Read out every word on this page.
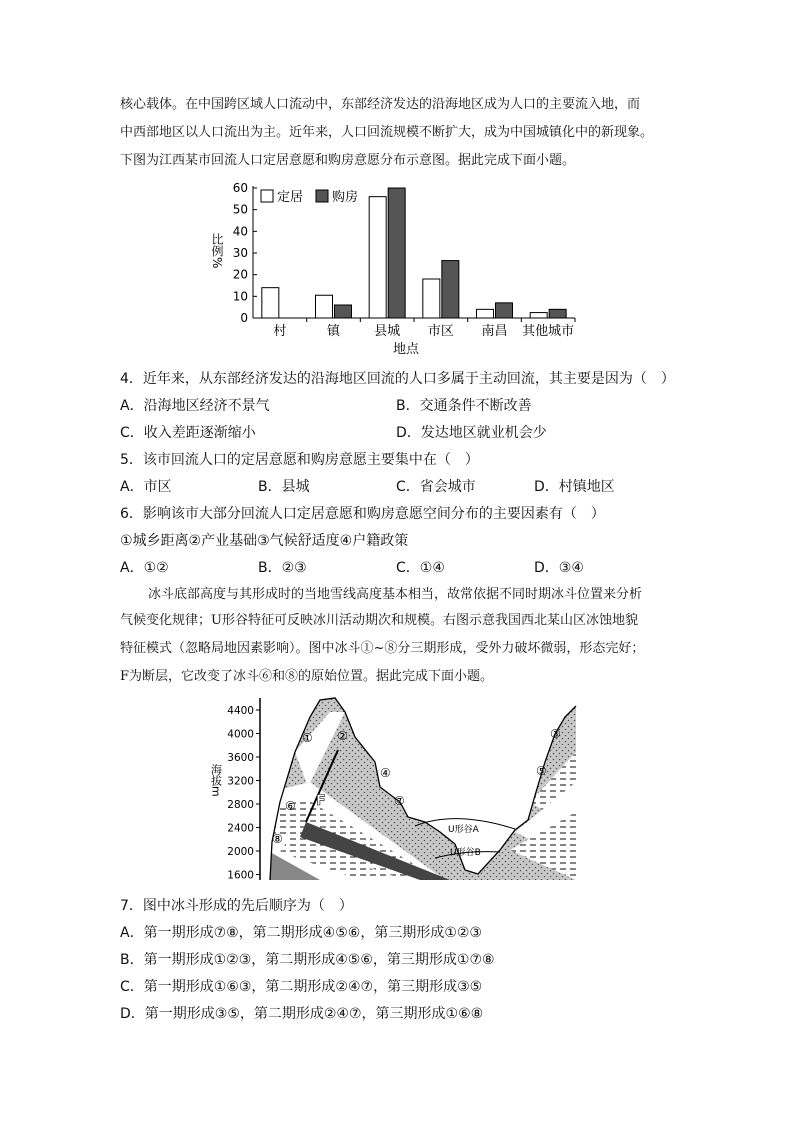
核心载体。在中国跨区域人口流动中，东部经济发达的沿海地区成为人口的主要流入地，而
中西部地区以人口流出为主。近年来，人口回流规模不断扩大，成为中国城镇化中的新现象。
下图为江西某市回流人口定居意愿和购房意愿分布示意图。据此完成下面小题。
0
10
20
30
40
50
60
比例%
村	镇	县城 市区 南昌 其他城市
地点
定居 购房
4．近年来，从东部经济发达的沿海地区回流的人口多属于主动回流，其主要是因为（　）
A．沿海地区经济不景气	B．交通条件不断改善
C．收入差距逐渐缩小	D．发达地区就业机会少
5．该市回流人口的定居意愿和购房意愿主要集中在（　）
A．市区	B．县城	C．省会城市	D．村镇地区
6．影响该市大部分回流人口定居意愿和购房意愿空间分布的主要因素有（　）
①城乡距离②产业基础③气候舒适度④户籍政策
A．①②	B．②③	C．①④	D．③④
冰斗底部高度与其形成时的当地雪线高度基本相当，故常依据不同时期冰斗位置来分析
气候变化规律；U形谷特征可反映冰川活动期次和规模。右图示意我国西北某山区冰蚀地貌
特征模式（忽略局地因素影响）。图中冰斗①~⑧分三期形成，受外力破坏微弱，形态完好；
F为断层，它改变了冰斗⑥和⑧的原始位置。据此完成下面小题。
4400
4000
3600
3200
2800
2400
2000
1600
海拔m
F
U形谷A
U形谷B
① ②	③
④	⑤
⑥	⑦
⑧
7．图中冰斗形成的先后顺序为（　）
A．第一期形成⑦⑧，第二期形成④⑤⑥，第三期形成①②③
B．第一期形成①②③，第二期形成④⑤⑥，第三期形成①⑦⑧
C．第一期形成①⑥③，第二期形成②④⑦，第三期形成③⑤
D．第一期形成③⑤，第二期形成②④⑦，第三期形成①⑥⑧
